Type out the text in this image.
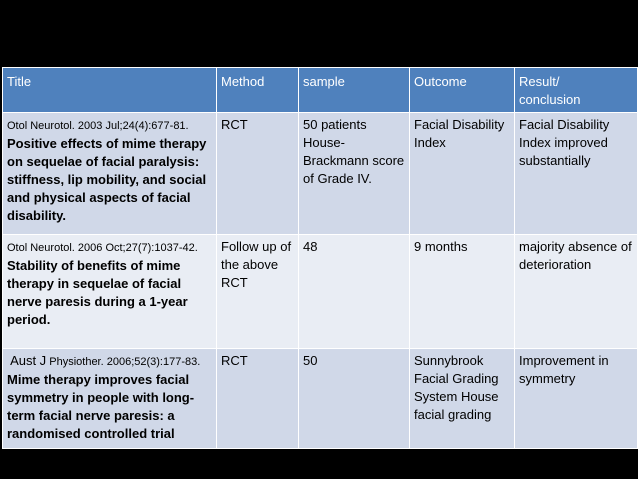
Title	Method	sample	Outcome	Result/
conclusion
Otol Neurotol. 2003 Jul;24(4):677-81. Positive effects of mime therapy on sequelae of facial paralysis: stiffness, lip mobility, and social and physical aspects of facial disability.	RCT	50 patients House-Brackmann score of Grade IV.	Facial Disability Index	Facial Disability Index improved substantially
Otol Neurotol. 2006 Oct;27(7):1037-42.
Stability of benefits of mime therapy in sequelae of facial nerve paresis during a 1-year period.	Follow up of the above RCT	48	9 months	majority absence of deterioration
Aust J Physiother. 2006;52(3):177-83. Mime therapy improves facial symmetry in people with long-term facial nerve paresis: a randomised controlled trial	RCT	50	Sunnybrook Facial Grading System House facial grading	Improvement in symmetry
